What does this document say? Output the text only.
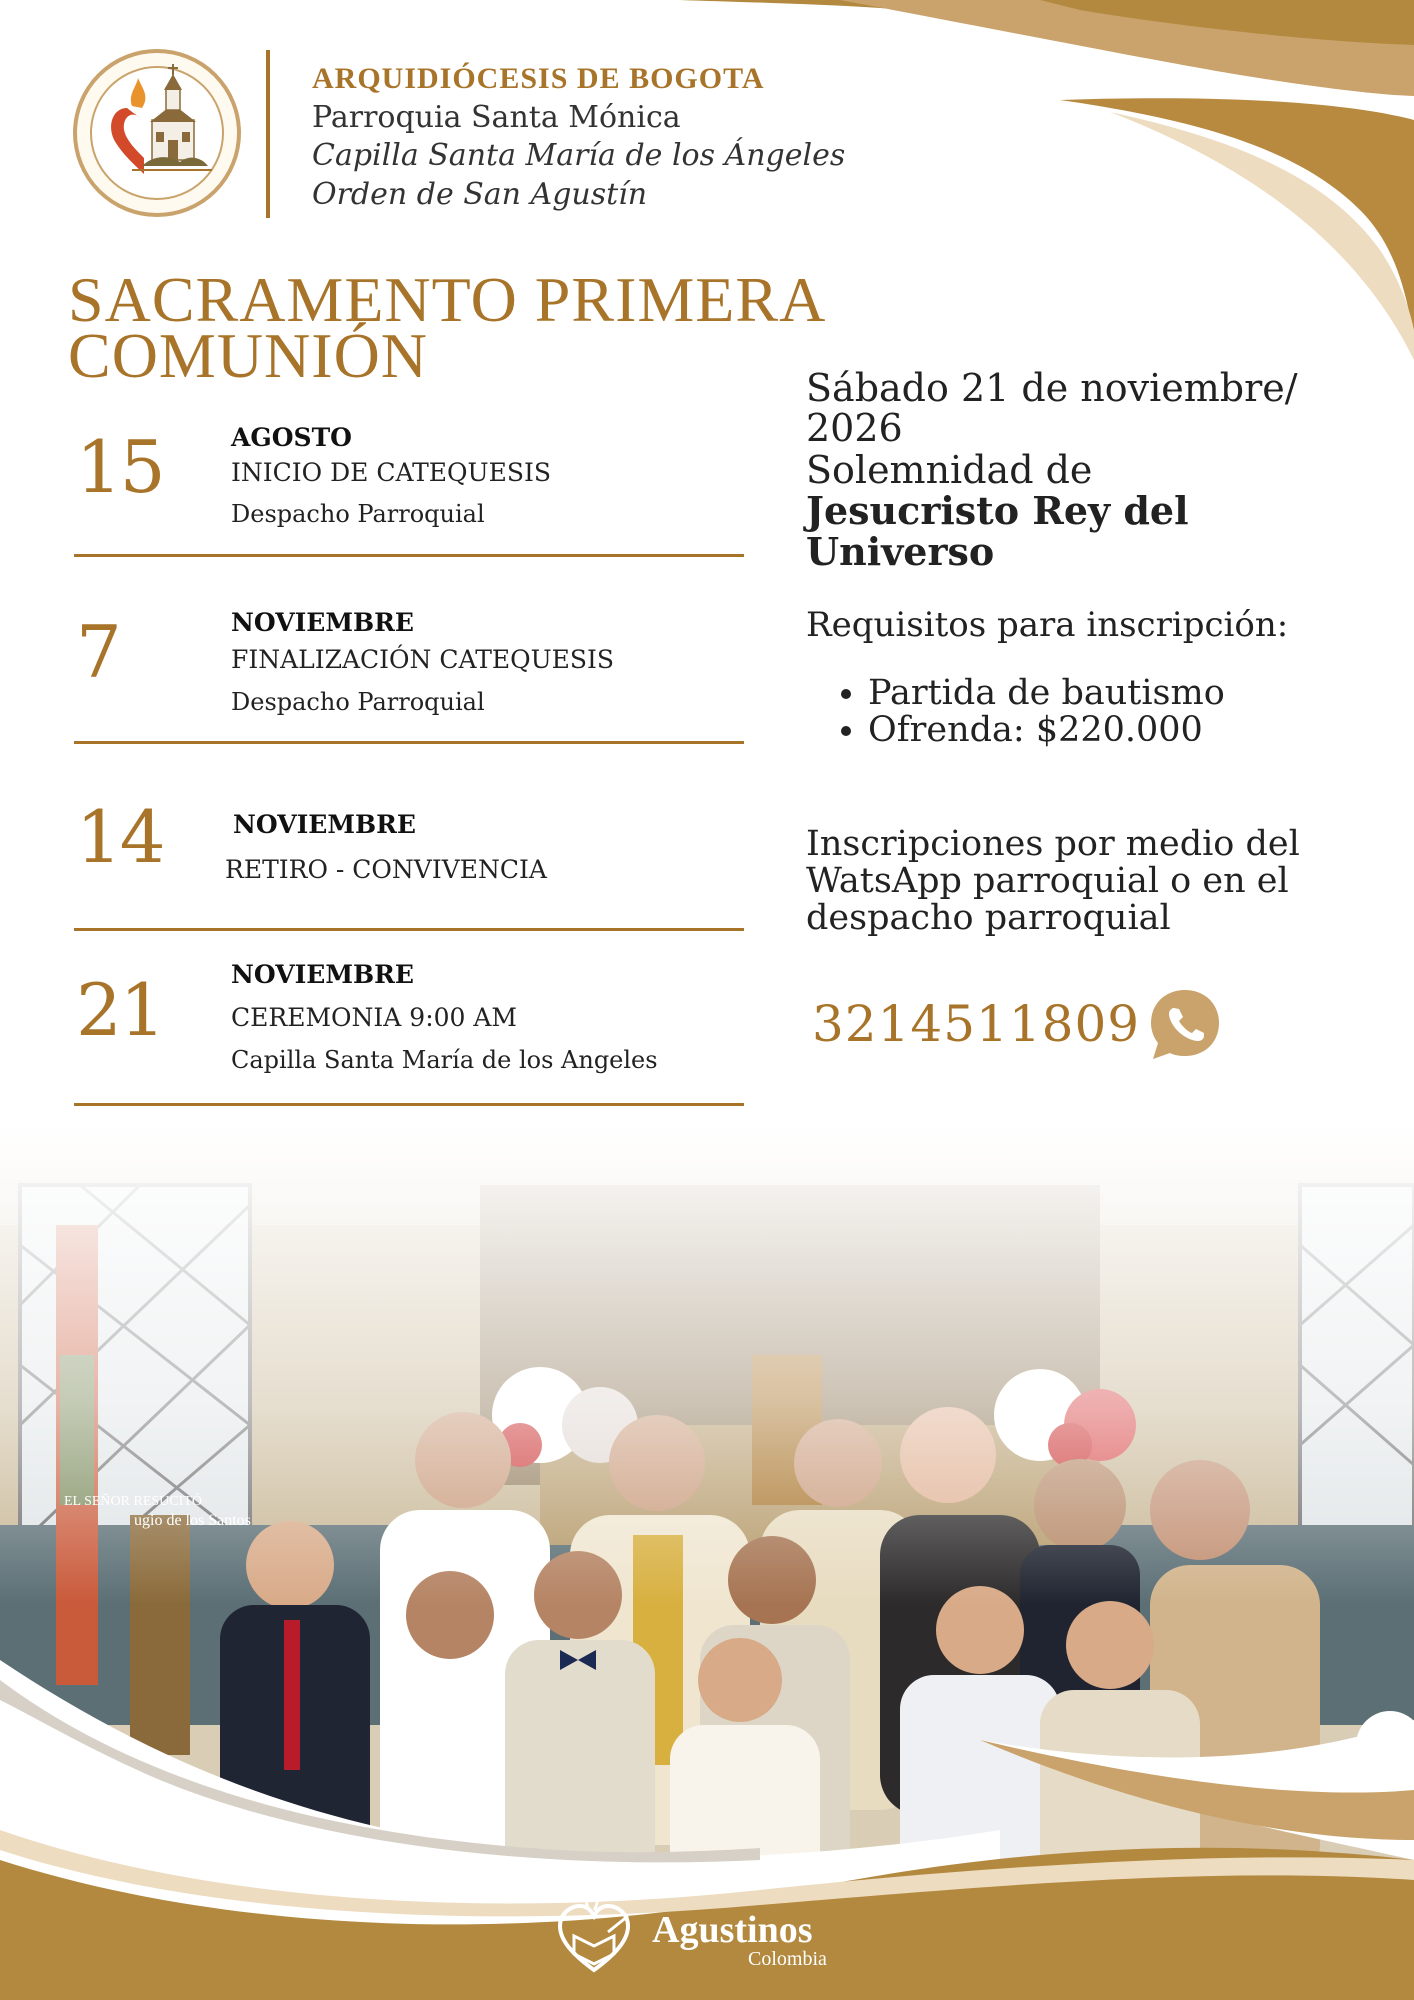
ARQUIDIÓCESIS DE BOGOTA
Parroquia Santa Mónica
Capilla Santa María de los Ángeles
Orden de San Agustín
SACRAMENTO PRIMERA
COMUNIÓN
15	AGOSTO
INICIO DE CATEQUESIS
Despacho Parroquial
7	NOVIEMBRE
FINALIZACIÓN CATEQUESIS
Despacho Parroquial
14	NOVIEMBRE
RETIRO - CONVIVENCIA
21	NOVIEMBRE
CEREMONIA 9:00 AM
Capilla Santa María de los Angeles
Sábado 21 de noviembre/ 2026
Solemnidad de
Jesucristo Rey del Universo
Requisitos para inscripción:
• Partida de bautismo
• Ofrenda: $220.000
Inscripciones por medio del WatsApp parroquial o en el despacho parroquial
3214511809
EL SEÑOR RESUCITÓ
ugio de los Santos
Agustinos
Colombia
